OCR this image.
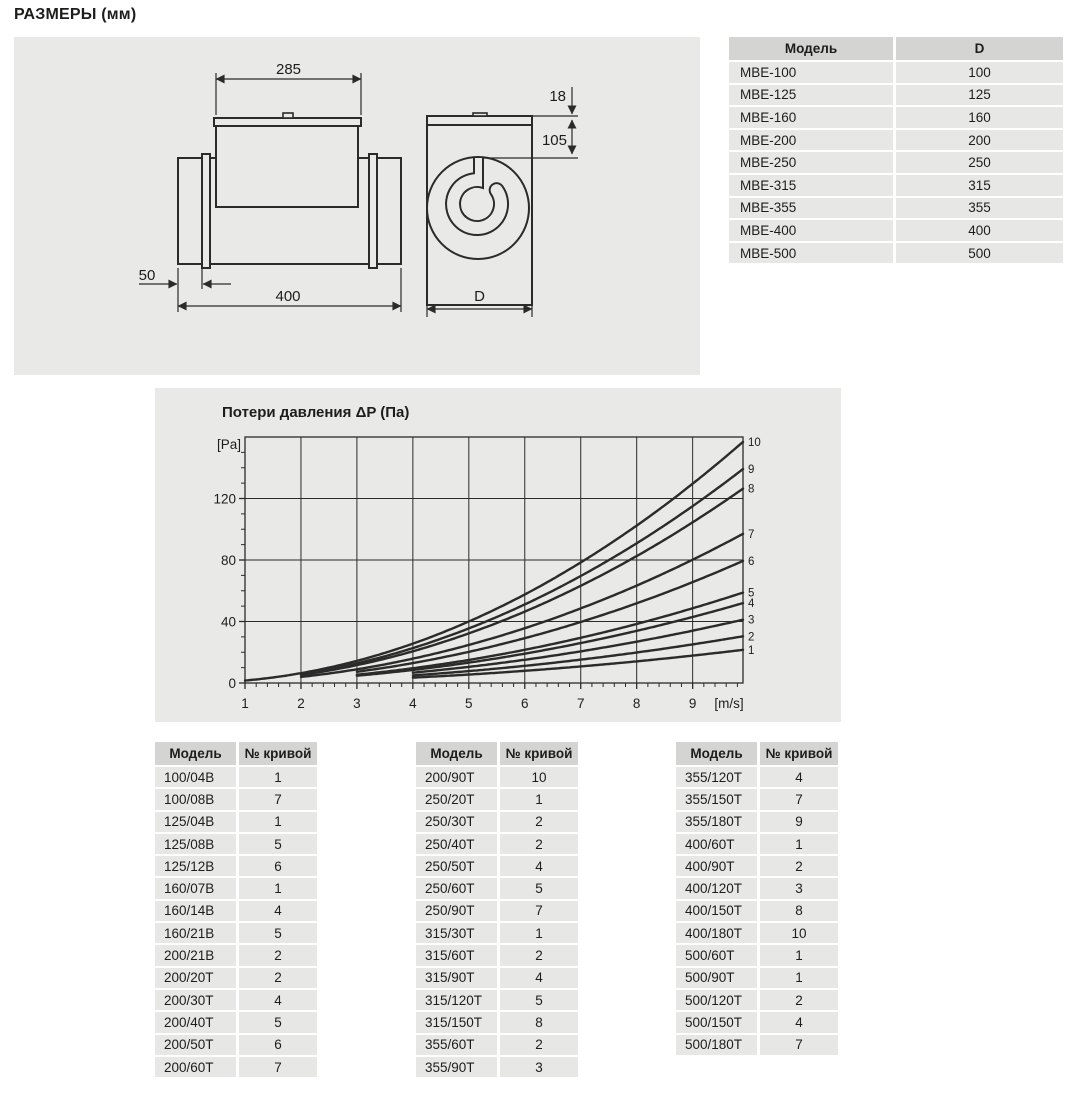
РАЗМЕРЫ (мм)
285
50
400
18
105
D
Модель	D
МВЕ-100	100
МВЕ-125	125
МВЕ-160	160
МВЕ-200	200
МВЕ-250	250
МВЕ-315	315
МВЕ-355	355
МВЕ-400	400
МВЕ-500	500
Потери давления ΔP (Па)
1	2	3	4	5	6	7	8	9
0
40
80
120
[m/s]
[Pa]
1
2
3
4
5
6
7
8
9
10
Модель	№ кривой
100/04В	1
100/08В	7
125/04В	1
125/08В	5
125/12В	6
160/07В	1
160/14В	4
160/21В	5
200/21В	2
200/20Т	2
200/30Т	4
200/40Т	5
200/50Т	6
200/60Т	7
Модель	№ кривой
200/90Т	10
250/20Т	1
250/30Т	2
250/40Т	2
250/50Т	4
250/60Т	5
250/90Т	7
315/30Т	1
315/60Т	2
315/90Т	4
315/120Т	5
315/150Т	8
355/60Т	2
355/90Т	3
Модель	№ кривой
355/120Т	4
355/150Т	7
355/180Т	9
400/60Т	1
400/90Т	2
400/120Т	3
400/150Т	8
400/180Т	10
500/60Т	1
500/90Т	1
500/120Т	2
500/150Т	4
500/180Т	7
